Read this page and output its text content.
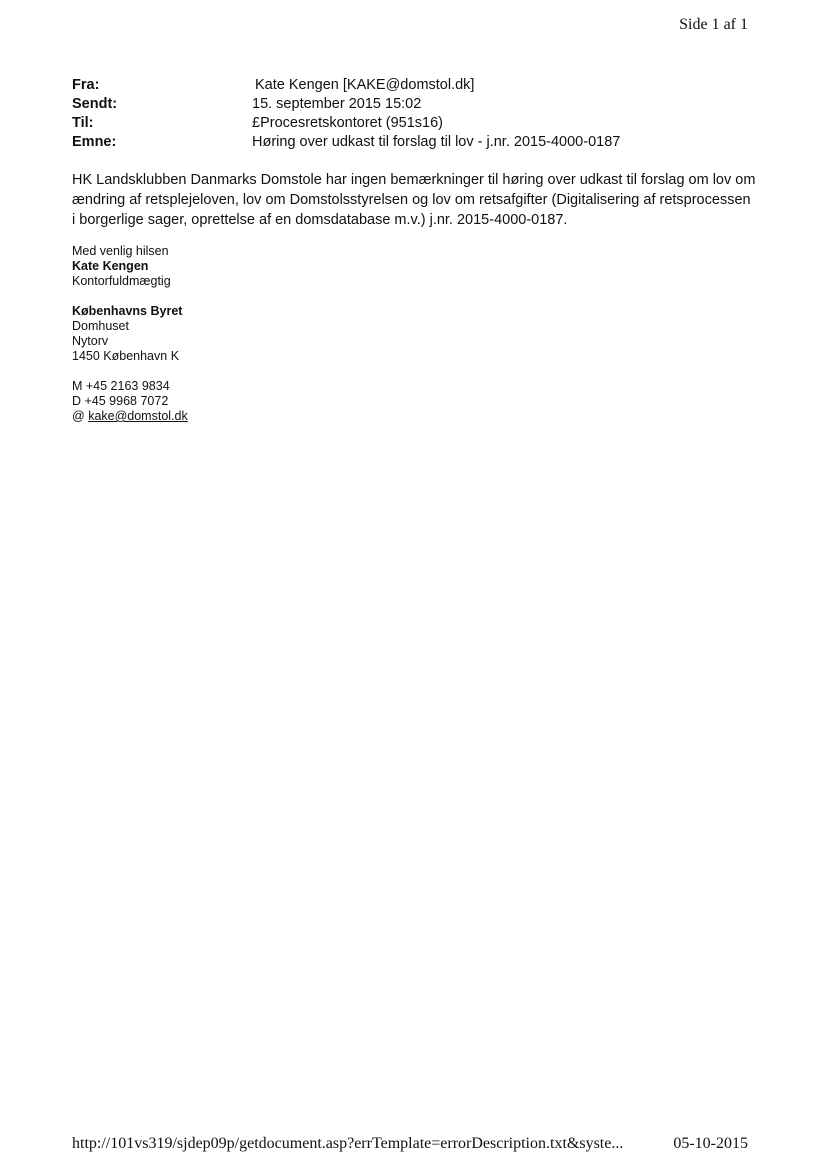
Side 1 af 1
Fra:	Kate Kengen [KAKE@domstol.dk]
Sendt:	15. september 2015 15:02
Til:	£Procesretskontoret (951s16)
Emne:	Høring over udkast til forslag til lov - j.nr. 2015-4000-0187

HK Landsklubben Danmarks Domstole har ingen bemærkninger til høring over udkast til forslag om lov om ændring af retsplejeloven, lov om Domstolsstyrelsen og lov om retsafgifter (Digitalisering af retsprocessen i borgerlige sager, oprettelse af en domsdatabase m.v.) j.nr. 2015-4000-0187.

Med venlig hilsen
Kate Kengen
Kontorfuldmægtig
Københavns Byret
Domhuset
Nytorv
1450 København K
M +45 2163 9834
D +45 9968 7072
@ kake@domstol.dk
http://101vs319/sjdep09p/getdocument.asp?errTemplate=errorDescription.txt&syste...	05-10-2015
